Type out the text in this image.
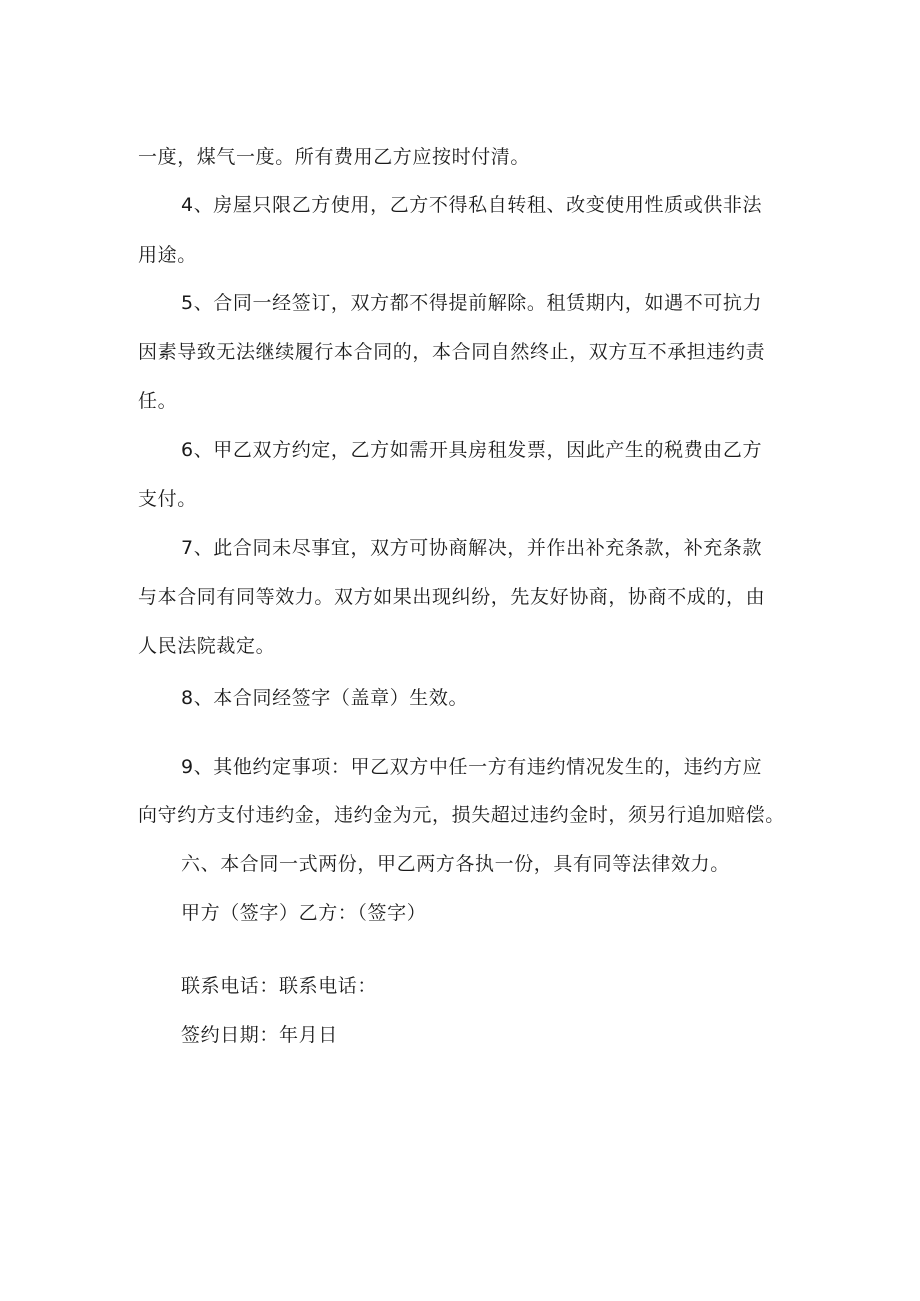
一度，煤气一度。所有费用乙方应按时付清。

4、房屋只限乙方使用，乙方不得私自转租、改变使用性质或供非法

用途。

5、合同一经签订，双方都不得提前解除。租赁期内，如遇不可抗力

因素导致无法继续履行本合同的，本合同自然终止，双方互不承担违约责

任。

6、甲乙双方约定，乙方如需开具房租发票，因此产生的税费由乙方

支付。

7、此合同未尽事宜，双方可协商解决，并作出补充条款，补充条款

与本合同有同等效力。双方如果出现纠纷，先友好协商，协商不成的，由

人民法院裁定。

8、本合同经签字（盖章）生效。

9、其他约定事项：甲乙双方中任一方有违约情况发生的，违约方应

向守约方支付违约金，违约金为元，损失超过违约金时，须另行追加赔偿。

六、本合同一式两份，甲乙两方各执一份，具有同等法律效力。

甲方（签字）乙方：（签字）

联系电话：联系电话：

签约日期：年月日
